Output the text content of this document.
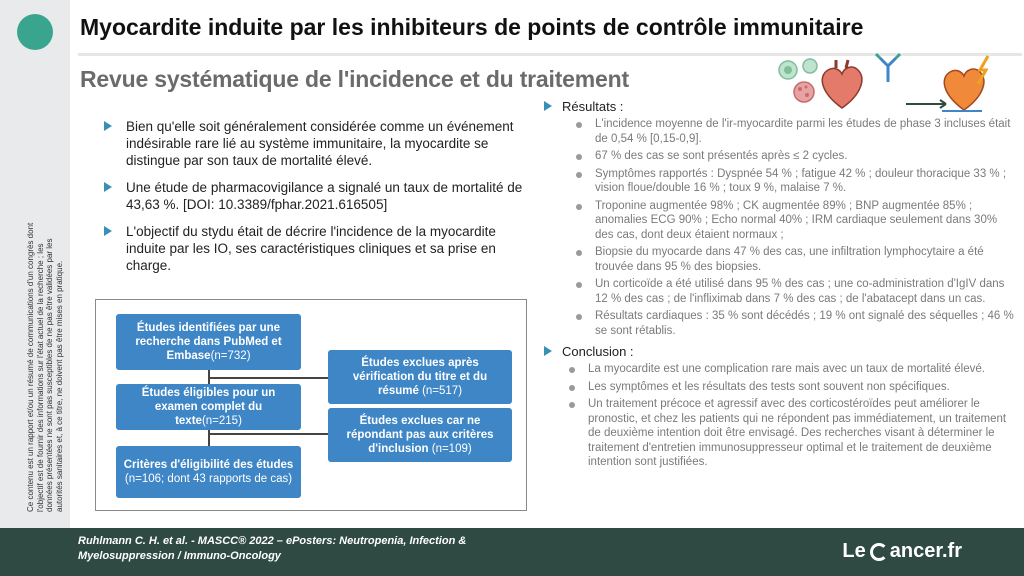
Ce contenu est un rapport et/ou un résumé de communications d'un congrès dont l'objectif est de fournir des informations sur l'état actuel de la recherche ; les données présentées ne sont pas susceptibles de ne pas être validées par les autorités sanitaires et, à ce titre, ne doivent pas être mises en pratique.
Myocardite induite par les inhibiteurs de points de contrôle immunitaire
Revue systématique de l'incidence et du traitement
Bien qu'elle soit généralement considérée comme un événement indésirable rare lié au système immunitaire, la myocardite se distingue par son taux de mortalité élevé.
Une étude de pharmacovigilance a signalé un taux de mortalité de 43,63 %. [DOI: 10.3389/fphar.2021.616505]
L'objectif du stydu était de décrire l'incidence de la myocardite induite par les IO, ses caractéristiques cliniques et sa prise en charge.
Études identifiées par une recherche dans PubMed et Embase(n=732)
Études éligibles pour un examen complet du texte(n=215)
Critères d'éligibilité des études (n=106; dont 43 rapports de cas)
Études exclues après vérification du titre et du résumé (n=517)
Études exclues car ne répondant pas aux critères d'inclusion (n=109)
Résultats :
L'incidence moyenne de l'ir-myocardite parmi les études de phase 3 incluses était de 0,54 % [0,15-0,9].
67 % des cas se sont présentés après ≤ 2 cycles.
Symptômes rapportés : Dyspnée 54 % ; fatigue 42 % ; douleur thoracique 33 % ; vision floue/double 16 % ; toux 9 %, malaise 7 %.
Troponine augmentée 98% ; CK augmentée 89% ; BNP augmentée 85% ; anomalies ECG 90% ; Echo normal 40% ; IRM cardiaque seulement dans 30% des cas, dont deux étaient normaux ;
Biopsie du myocarde dans 47 % des cas, une infiltration lymphocytaire a été trouvée dans 95 % des biopsies.
Un corticoïde a été utilisé dans 95 % des cas ; une co-administration d'IgIV dans 12 % des cas ; de l'infliximab dans 7 % des cas ; de l'abatacept dans un cas.
Résultats cardiaques : 35 % sont décédés ; 19 % ont signalé des séquelles ; 46 % se sont rétablis.
Conclusion :
La myocardite est une complication rare mais avec un taux de mortalité élevé.
Les symptômes et les résultats des tests sont souvent non spécifiques.
Un traitement précoce et agressif avec des corticostéroïdes peut améliorer le pronostic, et chez les patients qui ne répondent pas immédiatement, un traitement de deuxième intention doit être envisagé. Des recherches visant à déterminer le traitement d'entretien immunosuppresseur optimal et le traitement de deuxième intention sont justifiées.
Ruhlmann C. H. et al. - MASCC® 2022 – ePosters: Neutropenia, Infection & Myelosuppression / Immuno-Oncology	Le ancer.fr
